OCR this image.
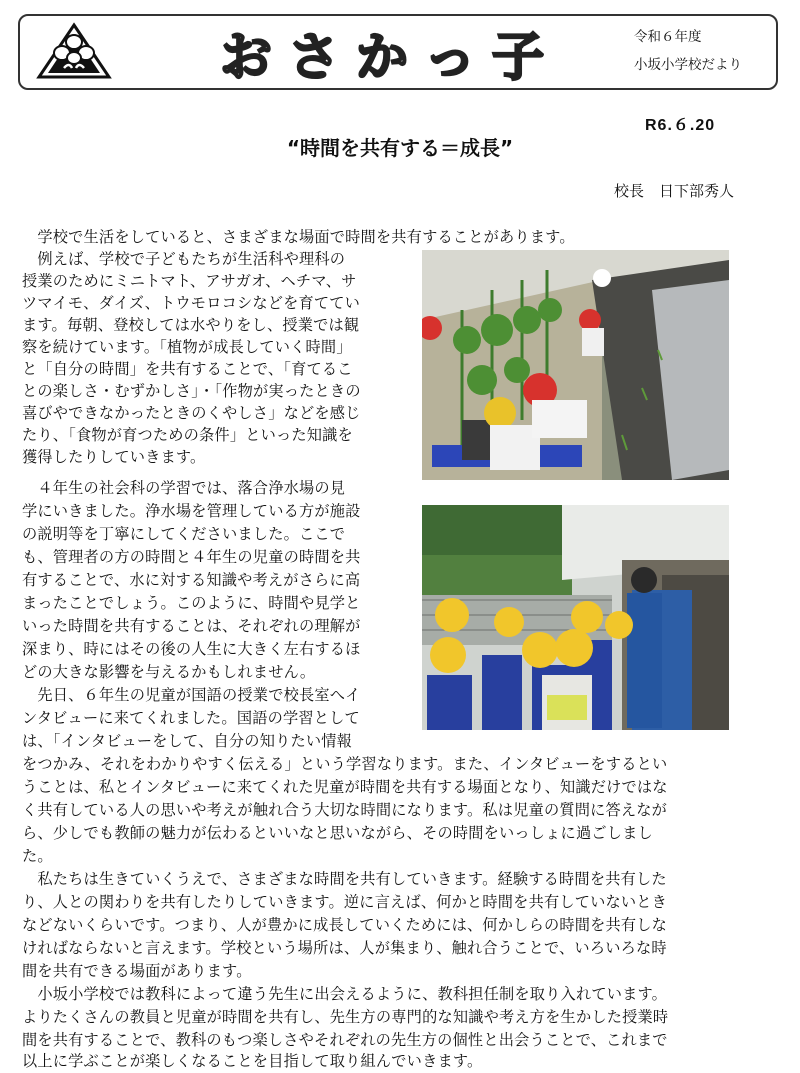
おさかっ子	令和６年度
小坂小学校だより
R6.６.20
“時間を共有する＝成長”
校長　日下部秀人
　学校で生活をしていると、さまざまな場面で時間を共有することがあります。
　例えば、学校で子どもたちが生活科や理科の
授業のためにミニトマト、アサガオ、ヘチマ、サ
ツマイモ、ダイズ、トウモロコシなどを育ててい
ます。毎朝、登校しては水やりをし、授業では観
察を続けています。「植物が成長していく時間」
と「自分の時間」を共有することで、「育てるこ
との楽しさ・むずかしさ」・「作物が実ったときの
喜びやできなかったときのくやしさ」などを感じ
たり、「食物が育つための条件」といった知識を
獲得したりしていきます。
　４年生の社会科の学習では、落合浄水場の見
学にいきました。浄水場を管理している方が施設
の説明等を丁寧にしてくださいました。ここで
も、管理者の方の時間と４年生の児童の時間を共
有することで、水に対する知識や考えがさらに高
まったことでしょう。このように、時間や見学と
いった時間を共有することは、それぞれの理解が
深まり、時にはその後の人生に大きく左右するほ
どの大きな影響を与えるかもしれません。
　先日、６年生の児童が国語の授業で校長室へイ
ンタビューに来てくれました。国語の学習として
は、「インタビューをして、自分の知りたい情報
をつかみ、それをわかりやすく伝える」という学習なります。また、インタビューをするとい
うことは、私とインタビューに来てくれた児童が時間を共有する場面となり、知識だけではな
く共有している人の思いや考えが触れ合う大切な時間になります。私は児童の質問に答えなが
ら、少しでも教師の魅力が伝わるといいなと思いながら、その時間をいっしょに過ごしまし
た。
　私たちは生きていくうえで、さまざまな時間を共有していきます。経験する時間を共有した
り、人との関わりを共有したりしていきます。逆に言えば、何かと時間を共有していないとき
などないくらいです。つまり、人が豊かに成長していくためには、何かしらの時間を共有しな
ければならないと言えます。学校という場所は、人が集まり、触れ合うことで、いろいろな時
間を共有できる場面があります。
　小坂小学校では教科によって違う先生に出会えるように、教科担任制を取り入れています。
よりたくさんの教員と児童が時間を共有し、先生方の専門的な知識や考え方を生かした授業時
間を共有することで、教科のもつ楽しさやそれぞれの先生方の個性と出会うことで、これまで
以上に学ぶことが楽しくなることを目指して取り組んでいきます。
